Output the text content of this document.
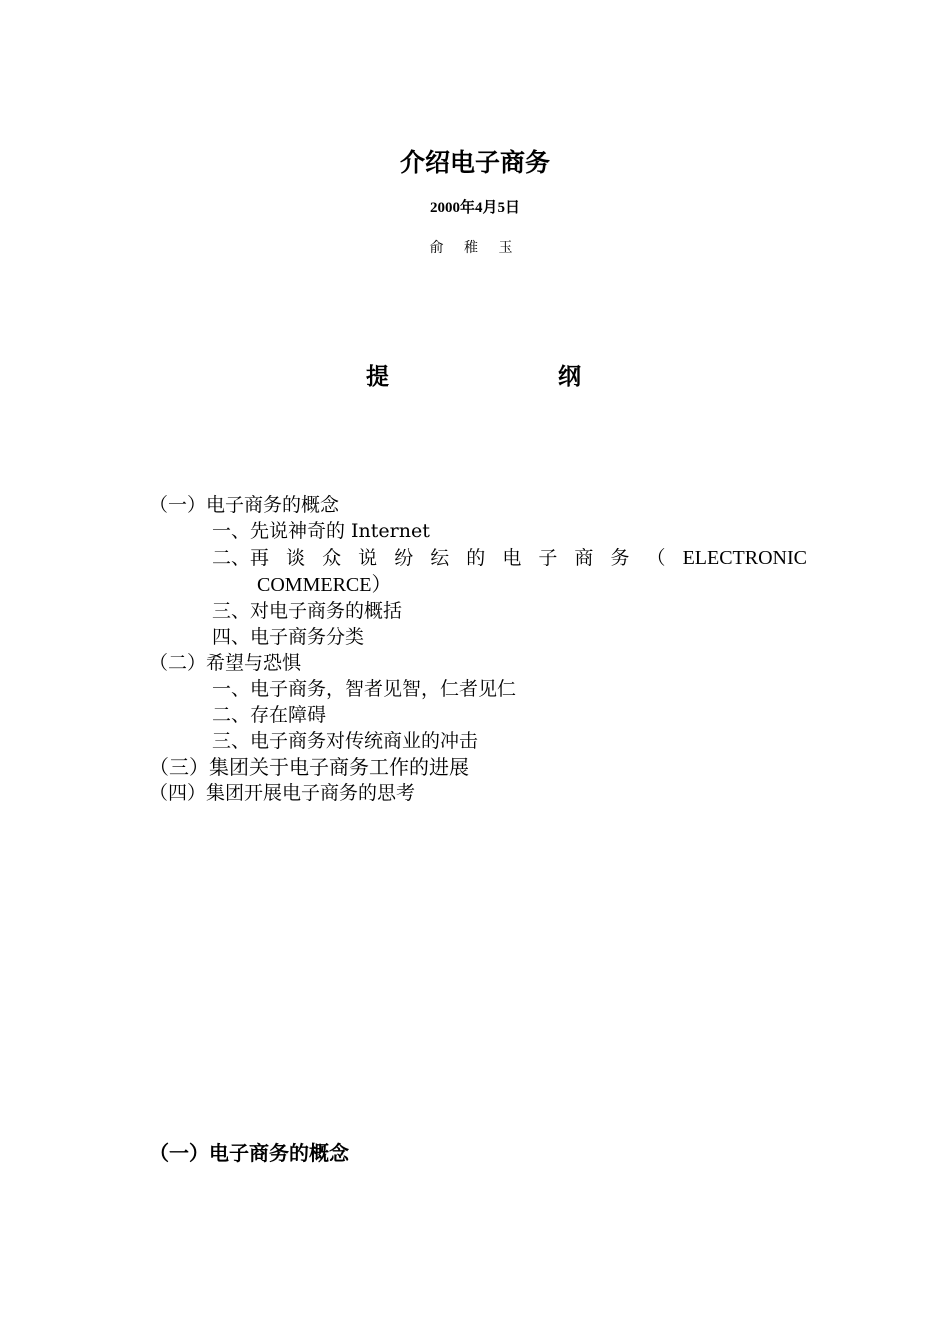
介绍电子商务
2000年4月5日
俞 稚 玉
提	纲
（一）电子商务的概念
一、先说神奇的 Internet
二、再 谈 众 说 纷 纭 的 电 子 商 务 （ ELECTRONIC
COMMERCE）
三、对电子商务的概括
四、电子商务分类
（二）希望与恐惧
一、电子商务，智者见智，仁者见仁
二、存在障碍
三、电子商务对传统商业的冲击
（三）集团关于电子商务工作的进展
（四）集团开展电子商务的思考
（一）电子商务的概念
